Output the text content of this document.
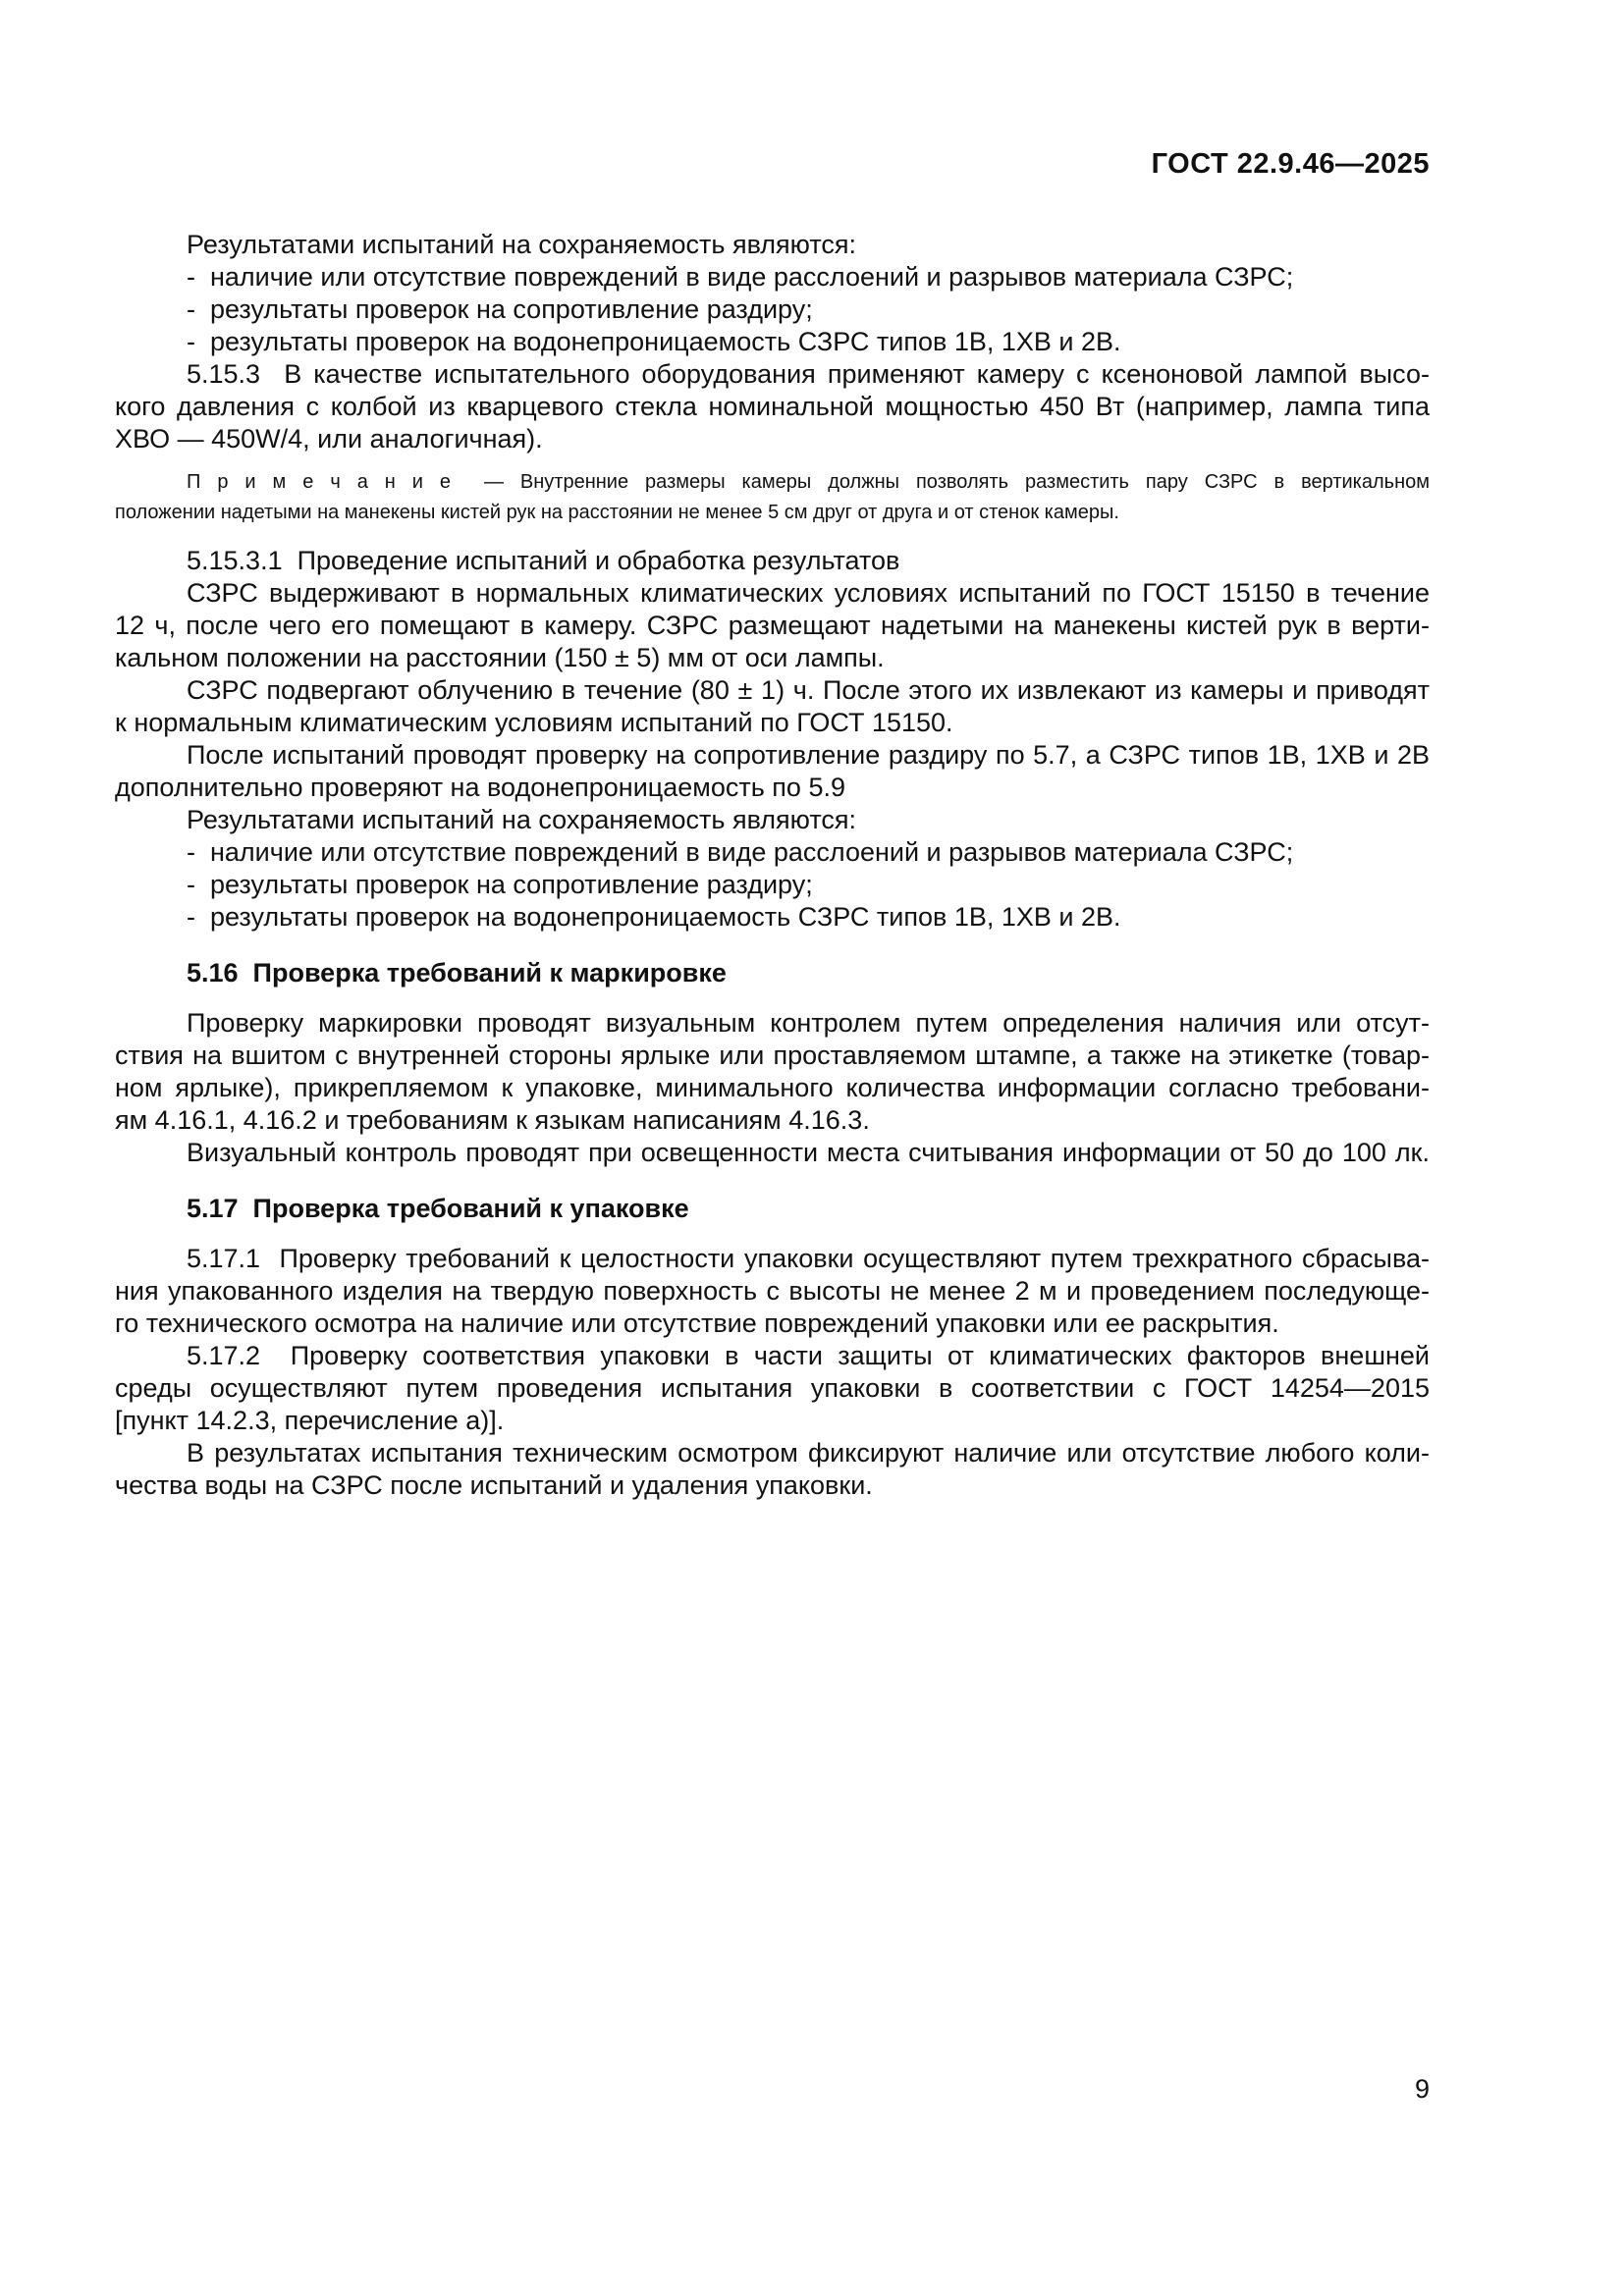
ГОСТ 22.9.46—2025
Результатами испытаний на сохраняемость являются:
-  наличие или отсутствие повреждений в виде расслоений и разрывов материала СЗРС;
-  результаты проверок на сопротивление раздиру;
-  результаты проверок на водонепроницаемость СЗРС типов 1В, 1ХВ и 2В.
5.15.3  В качестве испытательного оборудования применяют камеру с ксеноновой лампой высо-
кого давления с колбой из кварцевого стекла номинальной мощностью 450 Вт (например, лампа типа
ХВО — 450W/4, или аналогичная).
П р и м е ч а н и е  — Внутренние размеры камеры должны позволять разместить пару СЗРС в вертикальном
положении надетыми на манекены кистей рук на расстоянии не менее 5 см друг от друга и от стенок камеры.
5.15.3.1  Проведение испытаний и обработка результатов
СЗРС выдерживают в нормальных климатических условиях испытаний по ГОСТ 15150 в течение
12 ч, после чего его помещают в камеру. СЗРС размещают надетыми на манекены кистей рук в верти-
кальном положении на расстоянии (150 ± 5) мм от оси лампы.
СЗРС подвергают облучению в течение (80 ± 1) ч. После этого их извлекают из камеры и приводят
к нормальным климатическим условиям испытаний по ГОСТ 15150.
После испытаний проводят проверку на сопротивление раздиру по 5.7, а СЗРС типов 1В, 1ХВ и 2В
дополнительно проверяют на водонепроницаемость по 5.9
Результатами испытаний на сохраняемость являются:
-  наличие или отсутствие повреждений в виде расслоений и разрывов материала СЗРС;
-  результаты проверок на сопротивление раздиру;
-  результаты проверок на водонепроницаемость СЗРС типов 1В, 1ХВ и 2В.
5.16  Проверка требований к маркировке
Проверку маркировки проводят визуальным контролем путем определения наличия или отсут-
ствия на вшитом с внутренней стороны ярлыке или проставляемом штампе, а также на этикетке (товар-
ном ярлыке), прикрепляемом к упаковке, минимального количества информации согласно требовани-
ям 4.16.1, 4.16.2 и требованиям к языкам написаниям 4.16.3.
Визуальный контроль проводят при освещенности места считывания информации от 50 до 100 лк.
5.17  Проверка требований к упаковке
5.17.1  Проверку требований к целостности упаковки осуществляют путем трехкратного сбрасыва-
ния упакованного изделия на твердую поверхность с высоты не менее 2 м и проведением последующе-
го технического осмотра на наличие или отсутствие повреждений упаковки или ее раскрытия.
5.17.2  Проверку соответствия упаковки в части защиты от климатических факторов внешней
среды осуществляют путем проведения испытания упаковки в соответствии с ГОСТ 14254—2015
[пункт 14.2.3, перечисление а)].
В результатах испытания техническим осмотром фиксируют наличие или отсутствие любого коли-
чества воды на СЗРС после испытаний и удаления упаковки.
9
